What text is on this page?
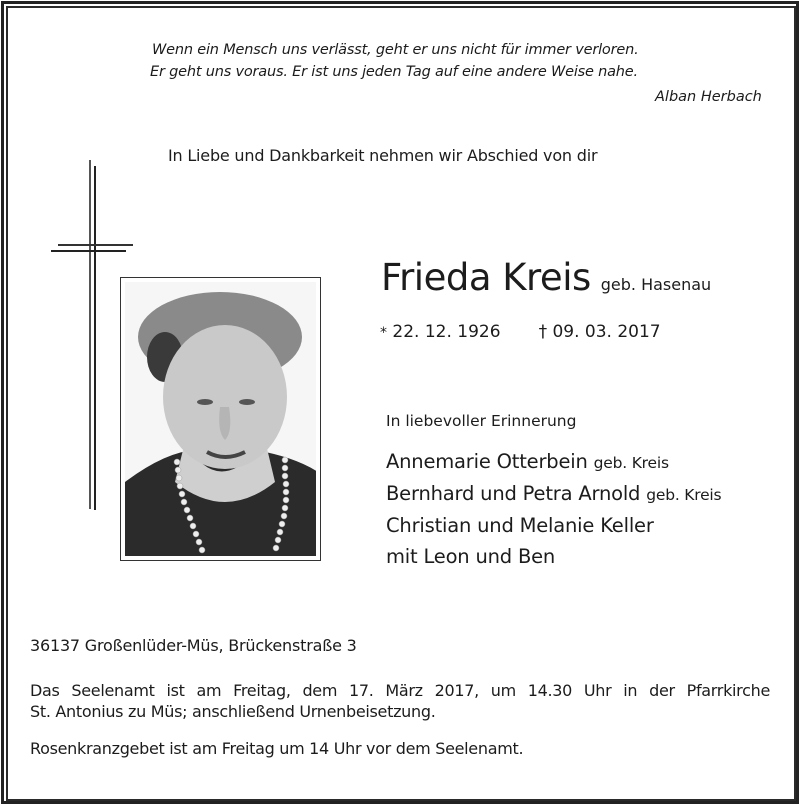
Wenn ein Mensch uns verlässt, geht er uns nicht für immer verloren.
Er geht uns voraus. Er ist uns jeden Tag auf eine andere Weise nahe.
Alban Herbach
In Liebe und Dankbarkeit nehmen wir Abschied von dir
Frieda Kreis geb. Hasenau
* 22. 12. 1926 † 09. 03. 2017
In liebevoller Erinnerung
Annemarie Otterbein geb. Kreis
Bernhard und Petra Arnold geb. Kreis
Christian und Melanie Keller
mit Leon und Ben
36137 Großenlüder-Müs, Brückenstraße 3
Das Seelenamt ist am Freitag, dem 17. März 2017, um 14.30 Uhr in der Pfarrkirche
St. Antonius zu Müs; anschließend Urnenbeisetzung.
Rosenkranzgebet ist am Freitag um 14 Uhr vor dem Seelenamt.
